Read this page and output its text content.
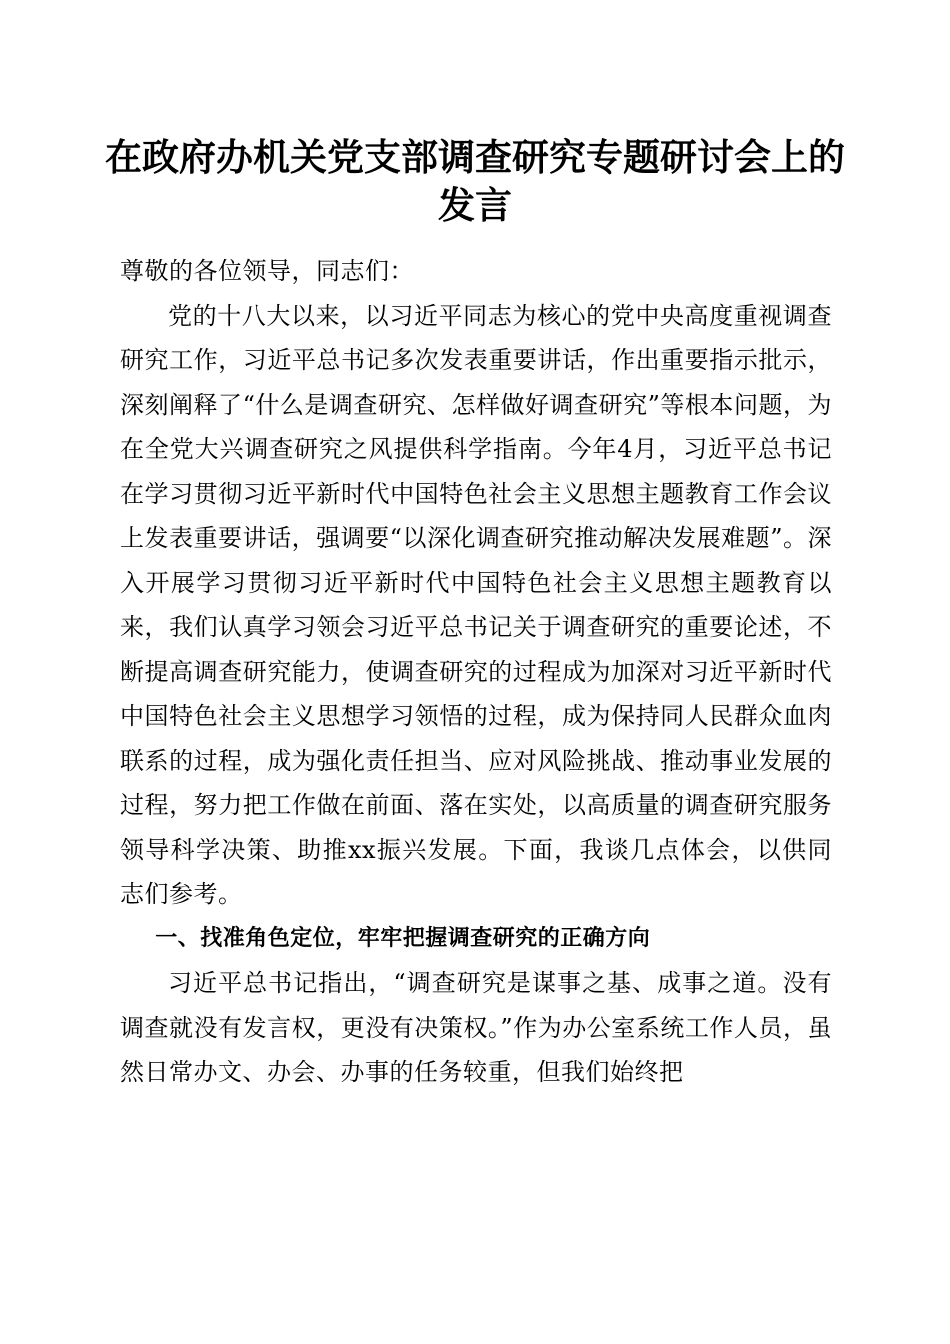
在政府办机关党支部调查研究专题研讨会上的发言

尊敬的各位领导，同志们：

党的十八大以来，以习近平同志为核心的党中央高度重视调查研究工作，习近平总书记多次发表重要讲话，作出重要指示批示，深刻阐释了“什么是调查研究、怎样做好调查研究”等根本问题，为在全党大兴调查研究之风提供科学指南。今年4月，习近平总书记在学习贯彻习近平新时代中国特色社会主义思想主题教育工作会议上发表重要讲话，强调要“以深化调查研究推动解决发展难题”。深入开展学习贯彻习近平新时代中国特色社会主义思想主题教育以来，我们认真学习领会习近平总书记关于调查研究的重要论述，不断提高调查研究能力，使调查研究的过程成为加深对习近平新时代中国特色社会主义思想学习领悟的过程，成为保持同人民群众血肉联系的过程，成为强化责任担当、应对风险挑战、推动事业发展的过程，努力把工作做在前面、落在实处，以高质量的调查研究服务领导科学决策、助推xx振兴发展。下面，我谈几点体会，以供同志们参考。

一、找准角色定位，牢牢把握调查研究的正确方向

习近平总书记指出，“调查研究是谋事之基、成事之道。没有调查就没有发言权，更没有决策权。”作为办公室系统工作人员，虽然日常办文、办会、办事的任务较重，但我们始终把
